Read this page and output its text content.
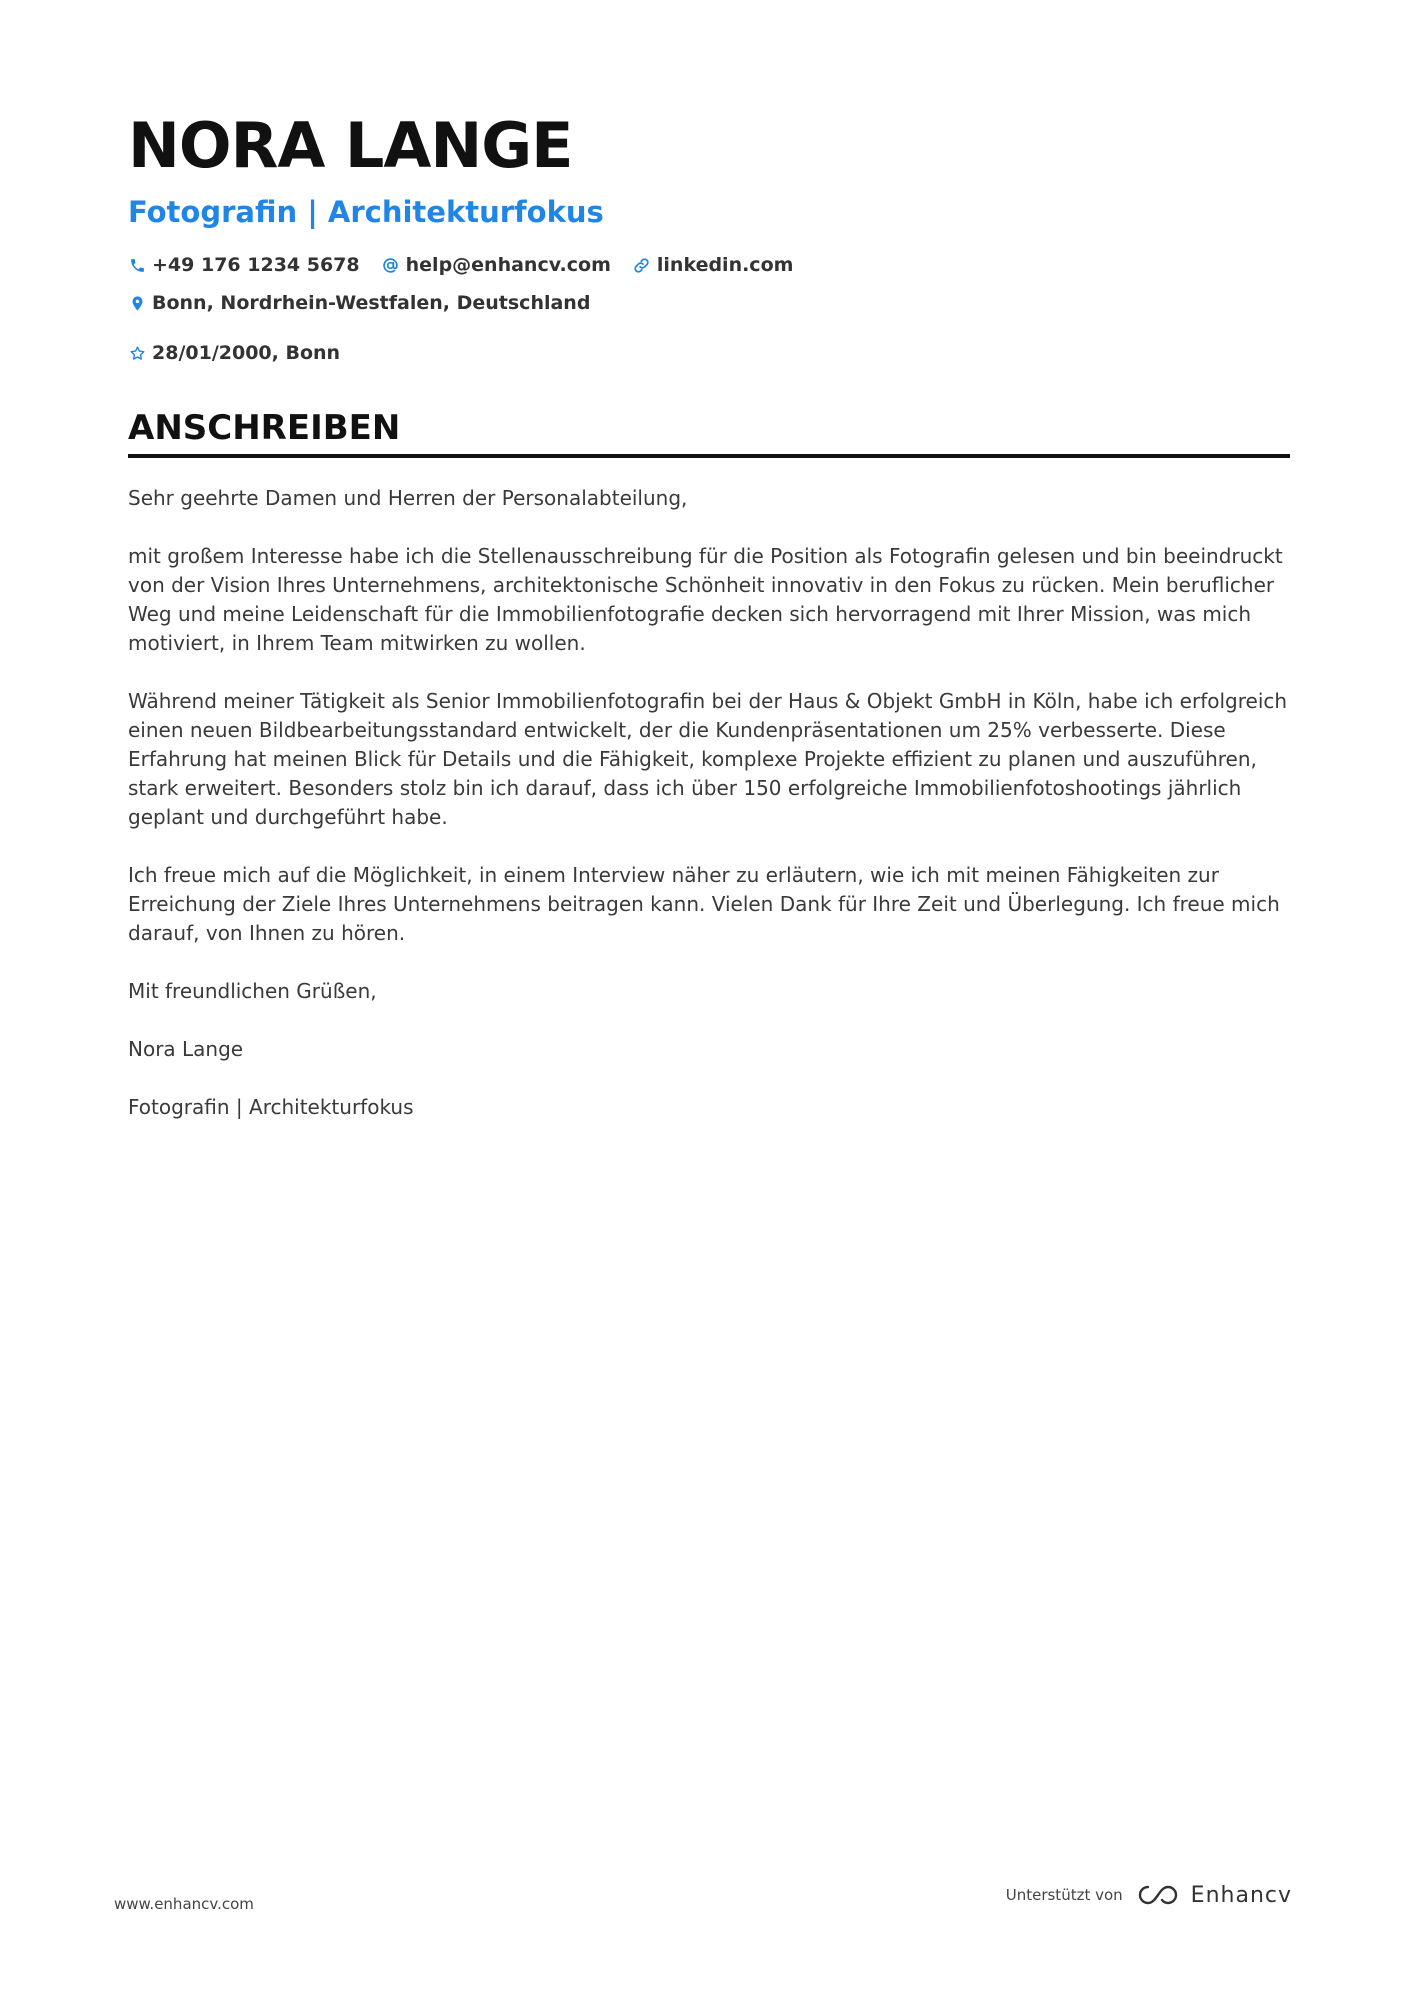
NORA LANGE
Fotografin | Architekturfokus
+49 176 1234 5678 help@enhancv.com linkedin.com
Bonn, Nordrhein-Westfalen, Deutschland
28/01/2000, Bonn
ANSCHREIBEN

Sehr geehrte Damen und Herren der Personalabteilung,

mit großem Interesse habe ich die Stellenausschreibung für die Position als Fotografin gelesen und bin beeindruckt von der Vision Ihres Unternehmens, architektonische Schönheit innovativ in den Fokus zu rücken. Mein beruflicher Weg und meine Leidenschaft für die Immobilienfotografie decken sich hervorragend mit Ihrer Mission, was mich motiviert, in Ihrem Team mitwirken zu wollen.

Während meiner Tätigkeit als Senior Immobilienfotografin bei der Haus & Objekt GmbH in Köln, habe ich erfolgreich einen neuen Bildbearbeitungsstandard entwickelt, der die Kundenpräsentationen um 25% verbesserte. Diese Erfahrung hat meinen Blick für Details und die Fähigkeit, komplexe Projekte effizient zu planen und auszuführen, stark erweitert. Besonders stolz bin ich darauf, dass ich über 150 erfolgreiche Immobilienfotoshootings jährlich geplant und durchgeführt habe.

Ich freue mich auf die Möglichkeit, in einem Interview näher zu erläutern, wie ich mit meinen Fähigkeiten zur Erreichung der Ziele Ihres Unternehmens beitragen kann. Vielen Dank für Ihre Zeit und Überlegung. Ich freue mich darauf, von Ihnen zu hören.

Mit freundlichen Grüßen,

Nora Lange

Fotografin | Architekturfokus

www.enhancv.com	Unterstützt von	Enhancv
